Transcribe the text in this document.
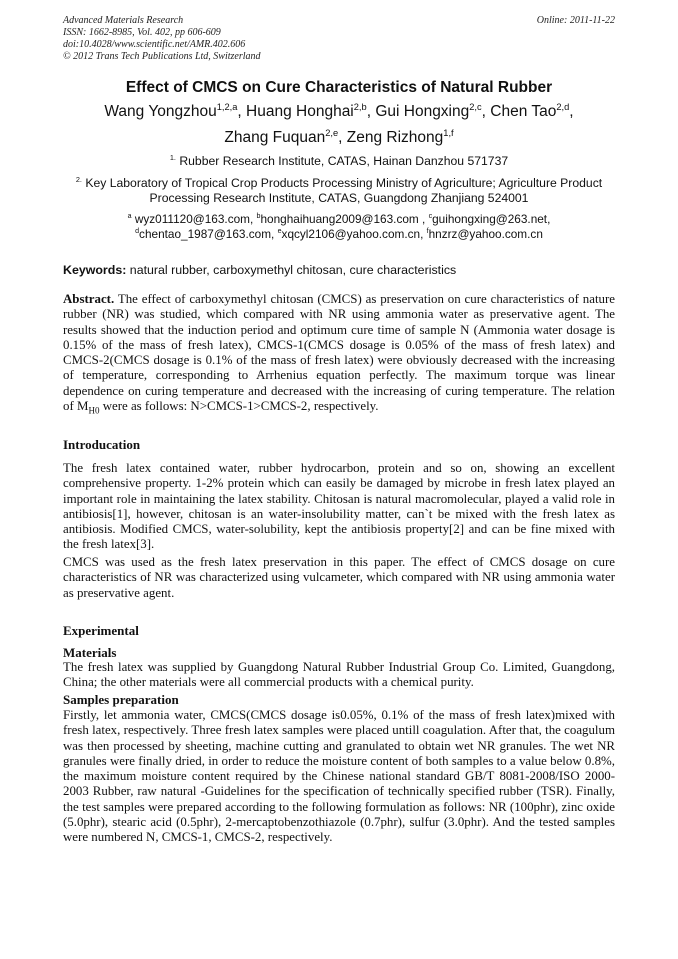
Advanced Materials Research
ISSN: 1662-8985, Vol. 402, pp 606-609
doi:10.4028/www.scientific.net/AMR.402.606
© 2012 Trans Tech Publications Ltd, Switzerland
Online: 2011-11-22
Effect of CMCS on Cure Characteristics of Natural Rubber
Wang Yongzhou$^{1,2,a}$, Huang Honghai$^{2,b}$, Gui Hongxing$^{2,c}$, Chen Tao$^{2,d}$,
Zhang Fuquan$^{2,e}$, Zeng Rizhong$^{1,f}$
$^{1.}$ Rubber Research Institute, CATAS, Hainan Danzhou 571737
$^{2.}$ Key Laboratory of Tropical Crop Products Processing Ministry of Agriculture; Agriculture Product
Processing Research Institute, CATAS, Guangdong Zhanjiang 524001
$^a$ wyz011120@163.com, $^b$honghaihuang2009@163.com , $^c$guihongxing@263.net,
$^d$chentao_1987@163.com, $^e$xqcyl2106@yahoo.com.cn, $^f$hnzrz@yahoo.com.cn
Keywords: natural rubber, carboxymethyl chitosan, cure characteristics
Abstract. The effect of carboxymethyl chitosan (CMCS) as preservation on cure characteristics of nature rubber (NR) was studied, which compared with NR using ammonia water as preservative agent. The results showed that the induction period and optimum cure time of sample N (Ammonia water dosage is 0.15% of the mass of fresh latex), CMCS-1(CMCS dosage is 0.05% of the mass of fresh latex) and CMCS-2(CMCS dosage is 0.1% of the mass of fresh latex) were obviously decreased with the increasing of temperature, corresponding to Arrhenius equation perfectly. The maximum torque was linear dependence on curing temperature and decreased with the increasing of curing temperature. The relation of $M_{H0}$ were as follows: N>CMCS-1>CMCS-2, respectively.
Introducation
The fresh latex contained water, rubber hydrocarbon, protein and so on, showing an excellent comprehensive property. 1-2% protein which can easily be damaged by microbe in fresh latex played an important role in maintaining the latex stability. Chitosan is natural macromolecular, played a valid role in antibiosis[1], however, chitosan is an water-insolubility matter, can`t be mixed with the fresh latex as antibiosis. Modified CMCS, water-solubility, kept the antibiosis property[2] and can be fine mixed with the fresh latex[3].
CMCS was used as the fresh latex preservation in this paper. The effect of CMCS dosage on cure characteristics of NR was characterized using vulcameter, which compared with NR using ammonia water as preservative agent.
Experimental
Materials
The fresh latex was supplied by Guangdong Natural Rubber Industrial Group Co. Limited, Guangdong, China; the other materials were all commercial products with a chemical purity.
Samples preparation
Firstly, let ammonia water, CMCS(CMCS dosage is0.05%, 0.1% of the mass of fresh latex)mixed with fresh latex, respectively. Three fresh latex samples were placed untill coagulation. After that, the coagulum was then processed by sheeting, machine cutting and granulated to obtain wet NR granules. The wet NR granules were finally dried, in order to reduce the moisture content of both samples to a value below 0.8%, the maximum moisture content required by the Chinese national standard GB/T 8081-2008/ISO 2000-2003 Rubber, raw natural -Guidelines for the specification of technically specified rubber (TSR). Finally, the test samples were prepared according to the following formulation as follows: NR (100phr), zinc oxide (5.0phr), stearic acid (0.5phr), 2-mercaptobenzothiazole (0.7phr), sulfur (3.0phr). And the tested samples were numbered N, CMCS-1, CMCS-2, respectively.
